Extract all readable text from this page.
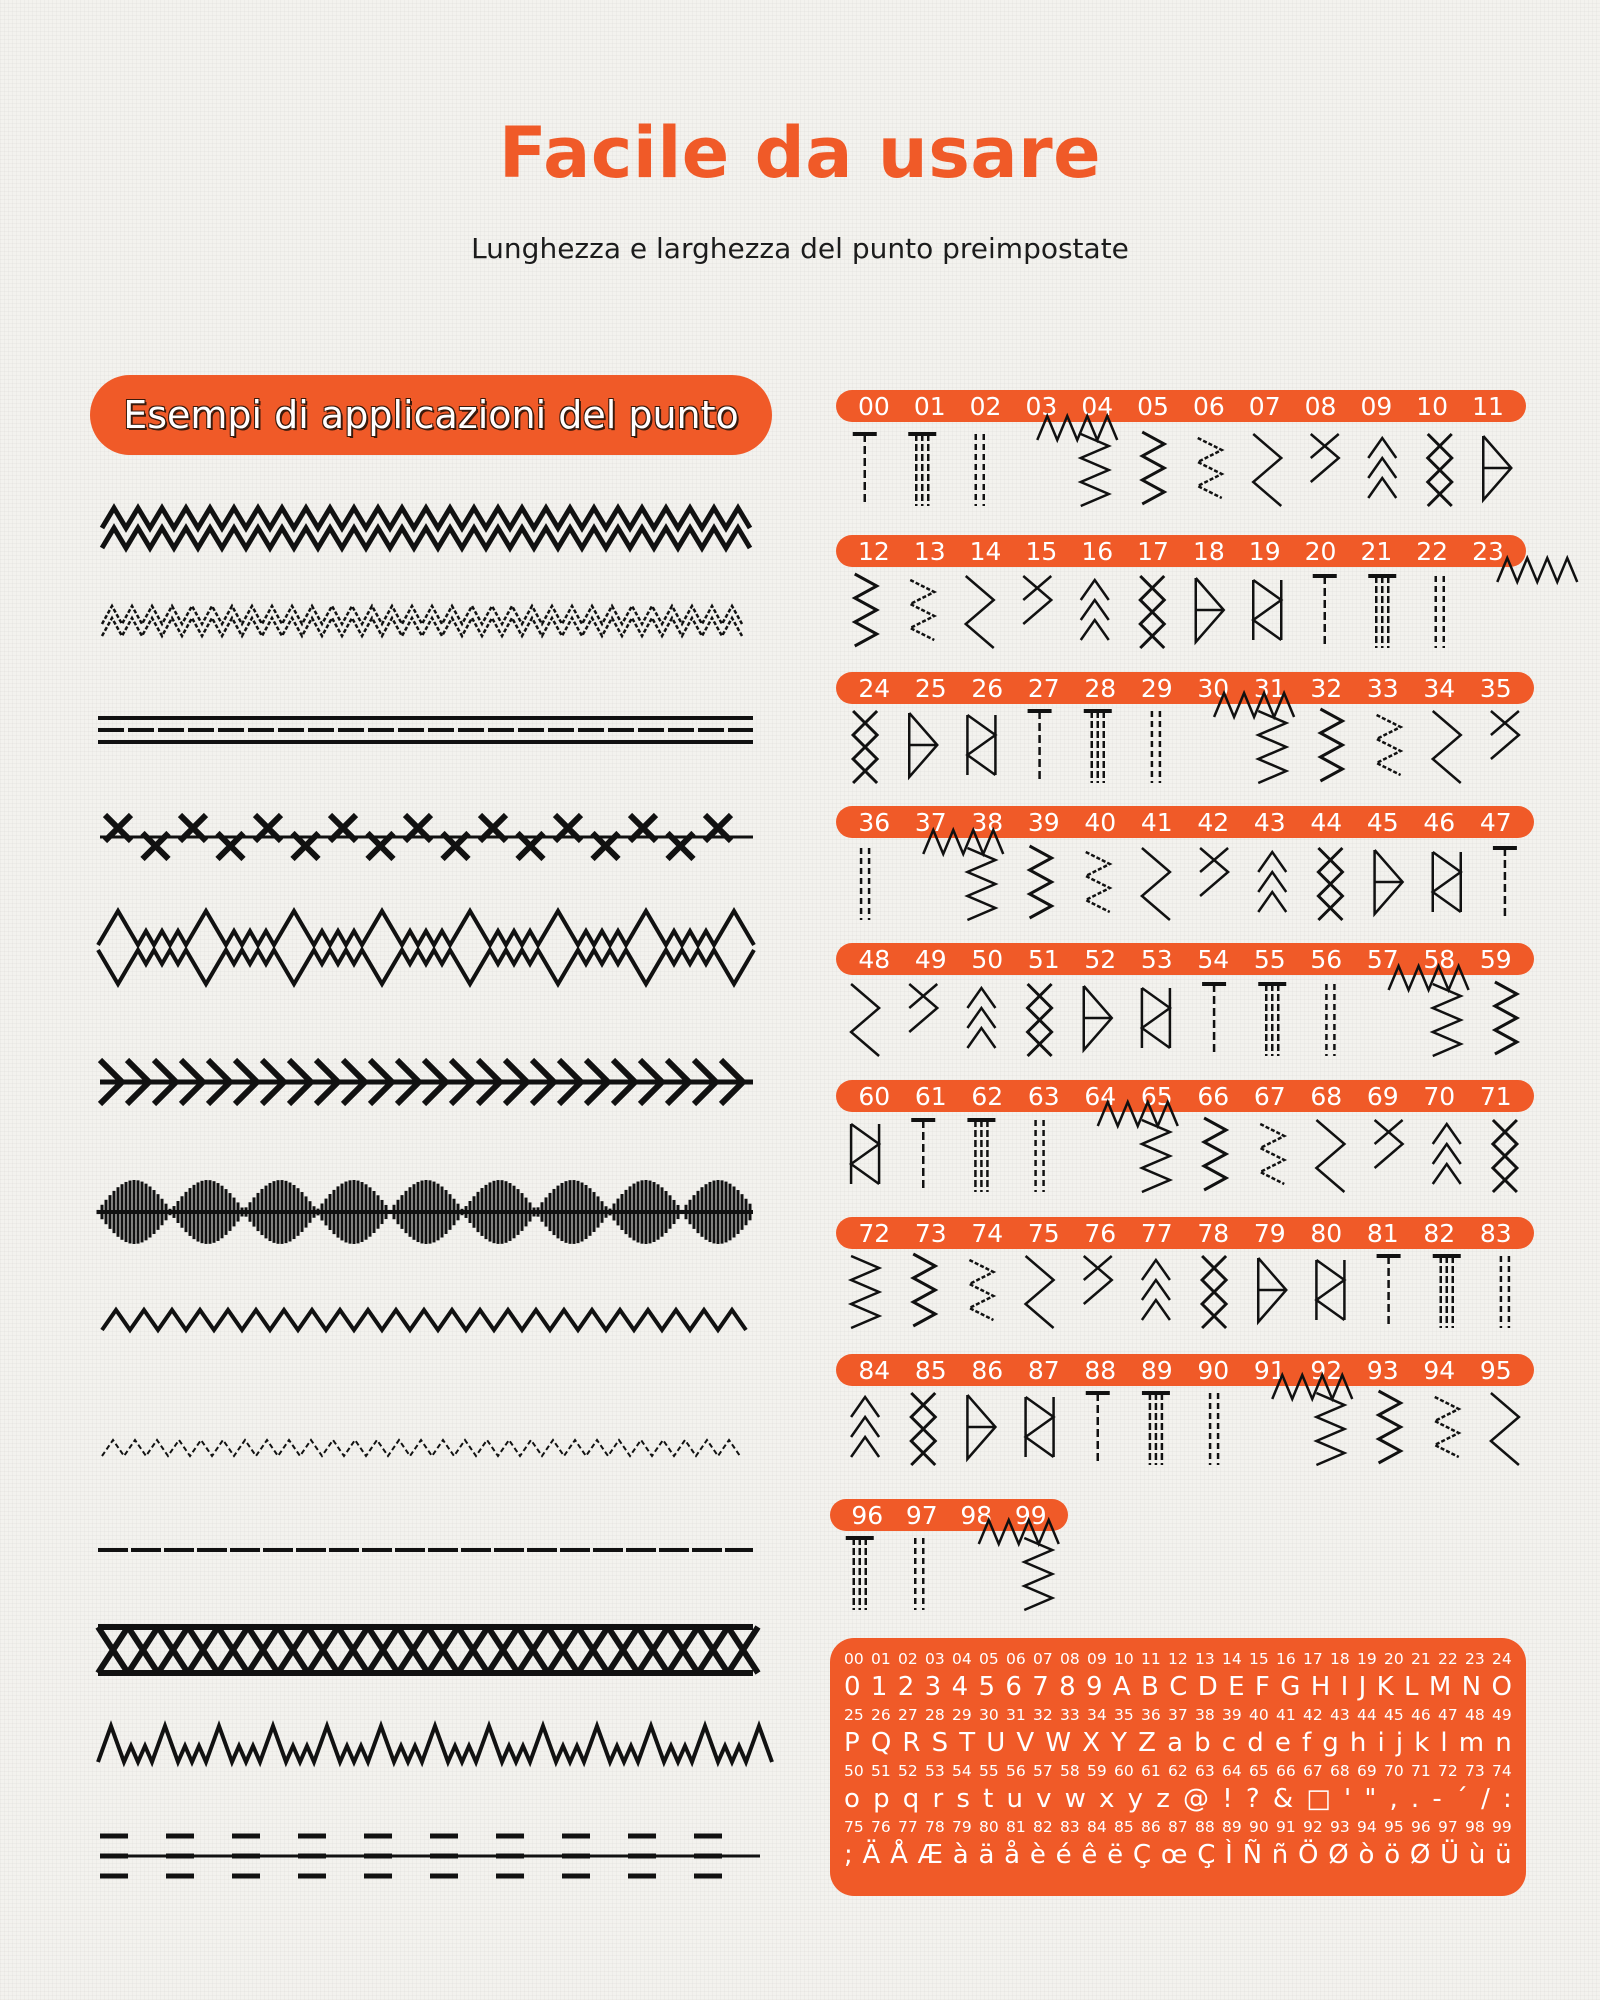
Facile da usare
Lunghezza e larghezza del punto preimpostate
Esempi di applicazioni del punto	00 01 02 03 04 05 06 07 08 09 10 11
12 13 14 15 16 17 18 19 20 21 22 23
24 25 26 27 28 29 30 31 32 33 34 35
36 37 38 39 40 41 42 43 44 45 46 47
48 49 50 51 52 53 54 55 56 57 58 59
60 61 62 63 64 65 66 67 68 69 70 71
72 73 74 75 76 77 78 79 80 81 82 83
84 85 86 87 88 89 90 91 92 93 94 95
96 97 98 99
00 01 02 03 04 05 06 07 08 09 10 11 12 13 14 15 16 17 18 19 20 21 22 23 24
0 1 2 3 4 5 6 7 8 9 A B C D E F G H I J K L M N O
25 26 27 28 29 30 31 32 33 34 35 36 37 38 39 40 41 42 43 44 45 46 47 48 49
P Q R S T U V W X Y Z a b c d e f g h i j k l m n
50 51 52 53 54 55 56 57 58 59 60 61 62 63 64 65 66 67 68 69 70 71 72 73 74
o p q r s t u v w x y z @ ! ? & □ ' " , . - ´ / :
75 76 77 78 79 80 81 82 83 84 85 86 87 88 89 90 91 92 93 94 95 96 97 98 99
; Ä Å Æ à ä å è é ê ë Ç œ Ç Ì Ñ ñ Ö Ø ò ö Ø Ü ù ü
